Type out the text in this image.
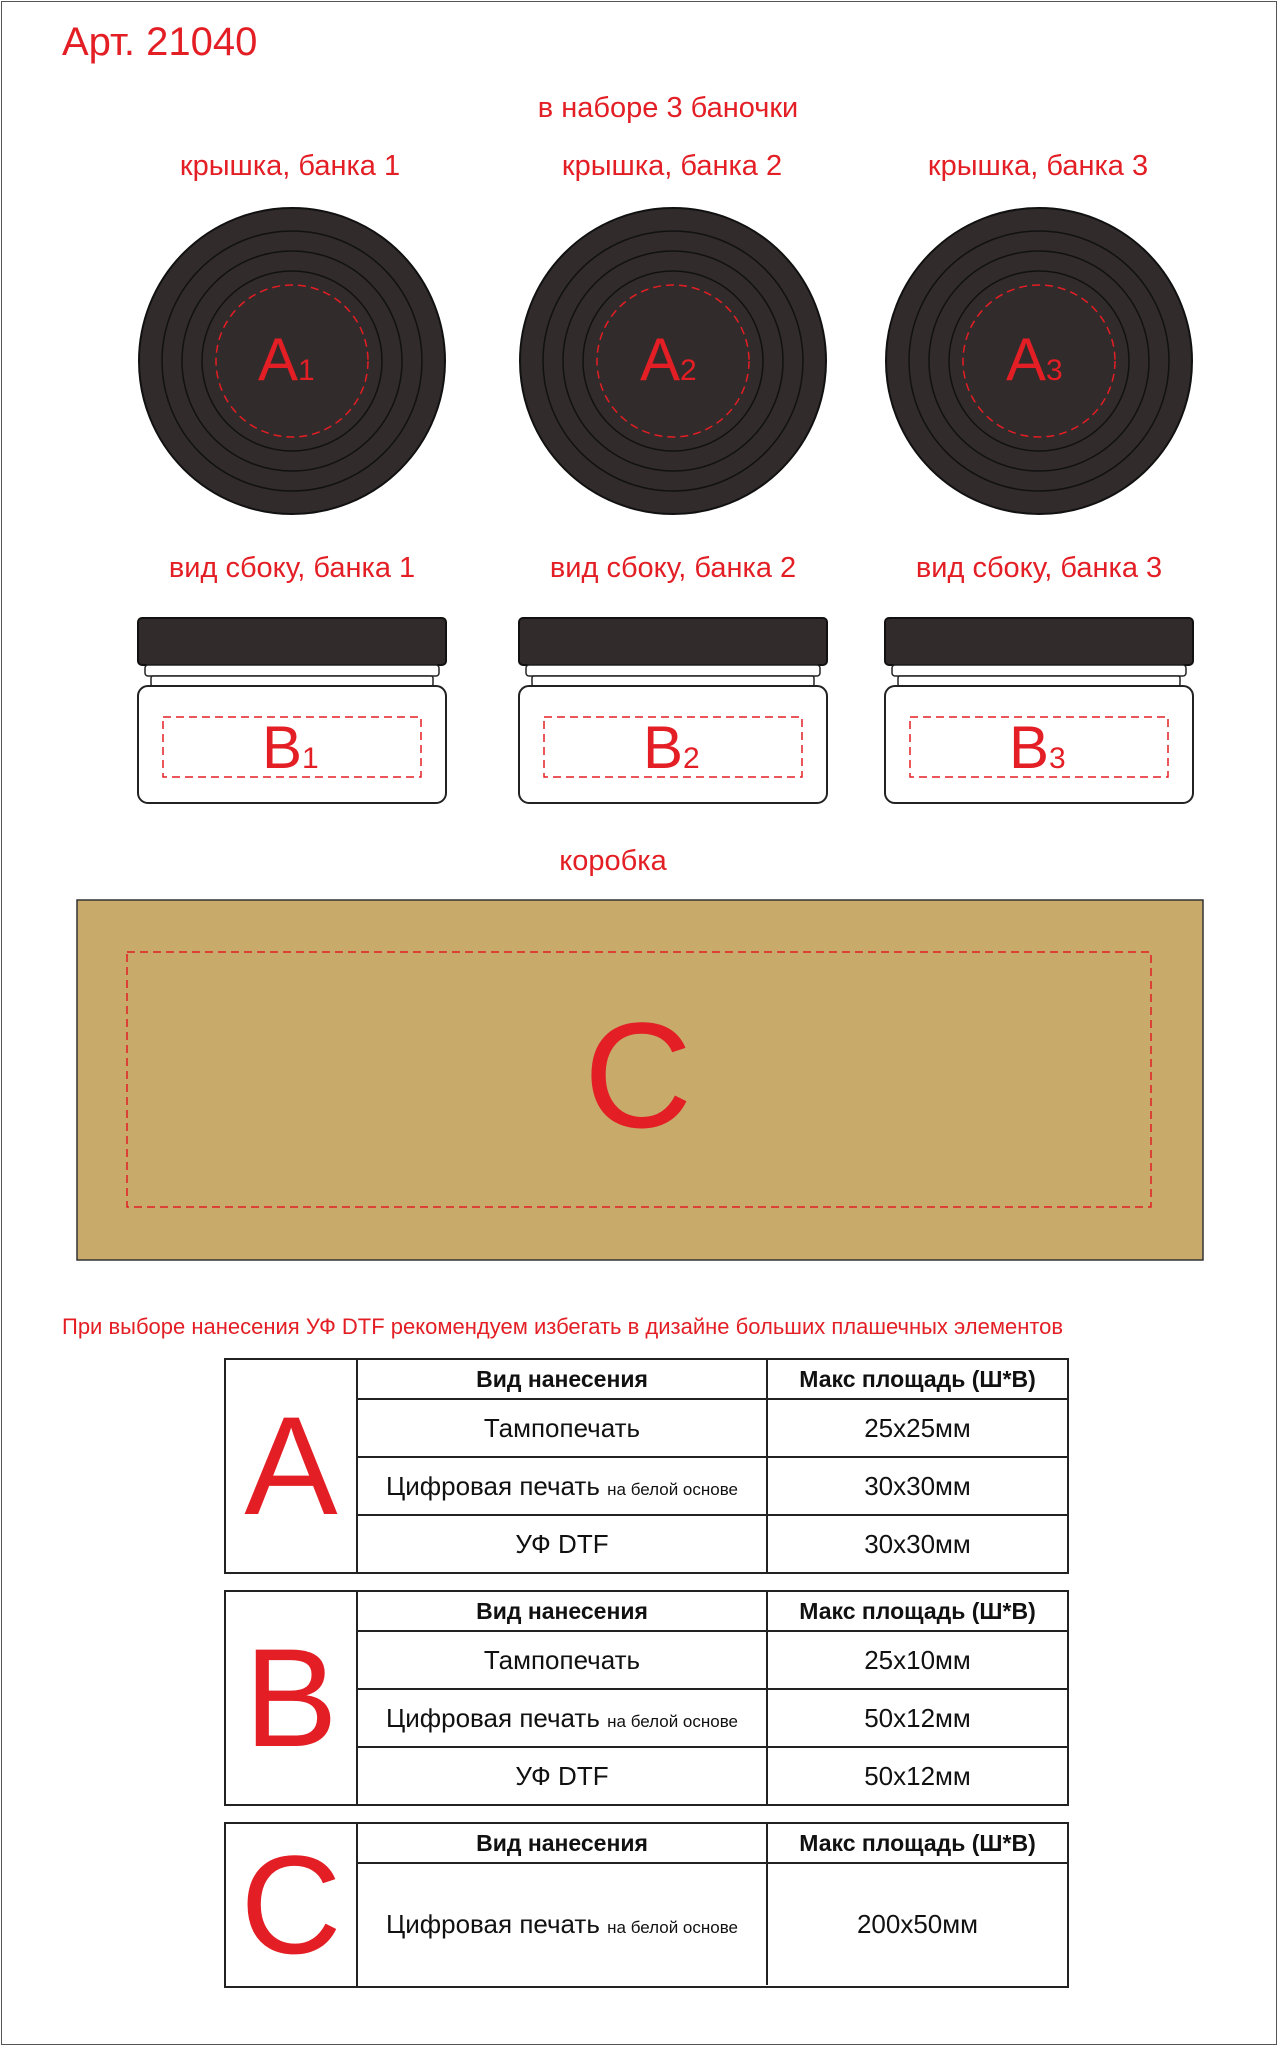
Арт. 21040
в наборе 3 баночки
крышка, банка 1	крышка, банка 2	крышка, банка 3
A1	A2	A3
вид сбоку, банка 1	вид сбоку, банка 2	вид сбоку, банка 3
B1	B2	B3
коробка
C
При выборе нанесения УФ DTF рекомендуем избегать в дизайне больших плашечных элементов
A
Вид нанесения	Макс площадь (Ш*В)
Тампопечать	25x25мм
Цифровая печать на белой основе	30x30мм
УФ DTF	30x30мм
B
Вид нанесения	Макс площадь (Ш*В)
Тампопечать	25x10мм
Цифровая печать на белой основе	50x12мм
УФ DTF	50x12мм
C	Вид нанесения	Макс площадь (Ш*В)
Цифровая печать на белой основе	200x50мм
